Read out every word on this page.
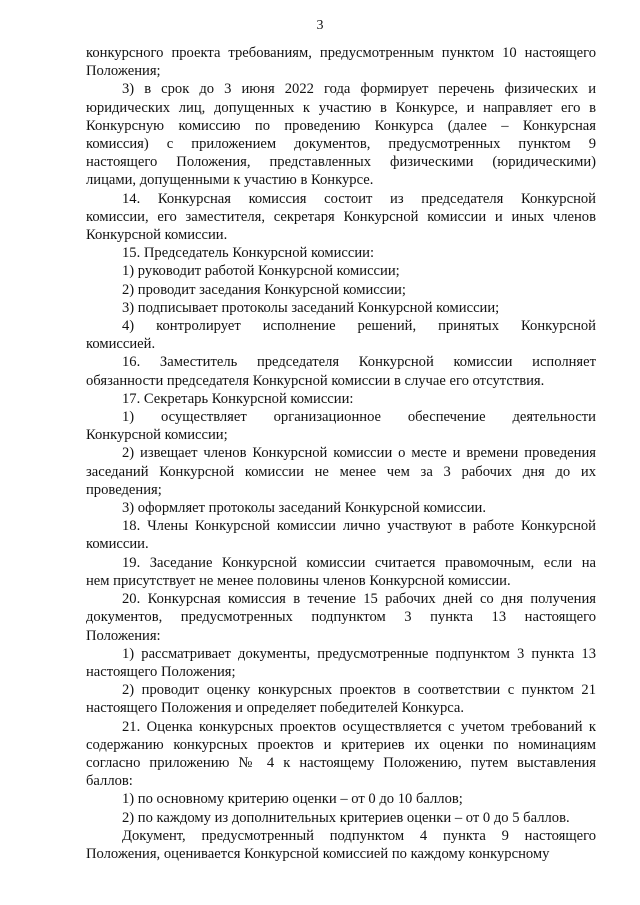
3
конкурсного проекта требованиям, предусмотренным пунктом 10 настоящего
Положения;
3) в срок до 3 июня 2022 года формирует перечень физических и
юридических лиц, допущенных к участию в Конкурсе, и направляет его в
Конкурсную комиссию по проведению Конкурса (далее – Конкурсная
комиссия) с приложением документов, предусмотренных пунктом 9
настоящего Положения, представленных физическими (юридическими)
лицами, допущенными к участию в Конкурсе.
14. Конкурсная комиссия состоит из председателя Конкурсной
комиссии, его заместителя, секретаря Конкурсной комиссии и иных членов
Конкурсной комиссии.
15. Председатель Конкурсной комиссии:
1) руководит работой Конкурсной комиссии;
2) проводит заседания Конкурсной комиссии;
3) подписывает протоколы заседаний Конкурсной комиссии;
4) контролирует исполнение решений, принятых Конкурсной
комиссией.
16. Заместитель председателя Конкурсной комиссии исполняет
обязанности председателя Конкурсной комиссии в случае его отсутствия.
17. Секретарь Конкурсной комиссии:
1) осуществляет организационное обеспечение деятельности
Конкурсной комиссии;
2) извещает членов Конкурсной комиссии о месте и времени проведения
заседаний Конкурсной комиссии не менее чем за 3 рабочих дня до их
проведения;
3) оформляет протоколы заседаний Конкурсной комиссии.
18. Члены Конкурсной комиссии лично участвуют в работе Конкурсной
комиссии.
19. Заседание Конкурсной комиссии считается правомочным, если на
нем присутствует не менее половины членов Конкурсной комиссии.
20. Конкурсная комиссия в течение 15 рабочих дней со дня получения
документов, предусмотренных подпунктом 3 пункта 13 настоящего
Положения:
1) рассматривает документы, предусмотренные подпунктом 3 пункта 13
настоящего Положения;
2) проводит оценку конкурсных проектов в соответствии с пунктом 21
настоящего Положения и определяет победителей Конкурса.
21. Оценка конкурсных проектов осуществляется с учетом требований к
содержанию конкурсных проектов и критериев их оценки по номинациям
согласно приложению № 4 к настоящему Положению, путем выставления
баллов:
1) по основному критерию оценки – от 0 до 10 баллов;
2) по каждому из дополнительных критериев оценки – от 0 до 5 баллов.
Документ, предусмотренный подпунктом 4 пункта 9 настоящего
Положения, оценивается Конкурсной комиссией по каждому конкурсному
